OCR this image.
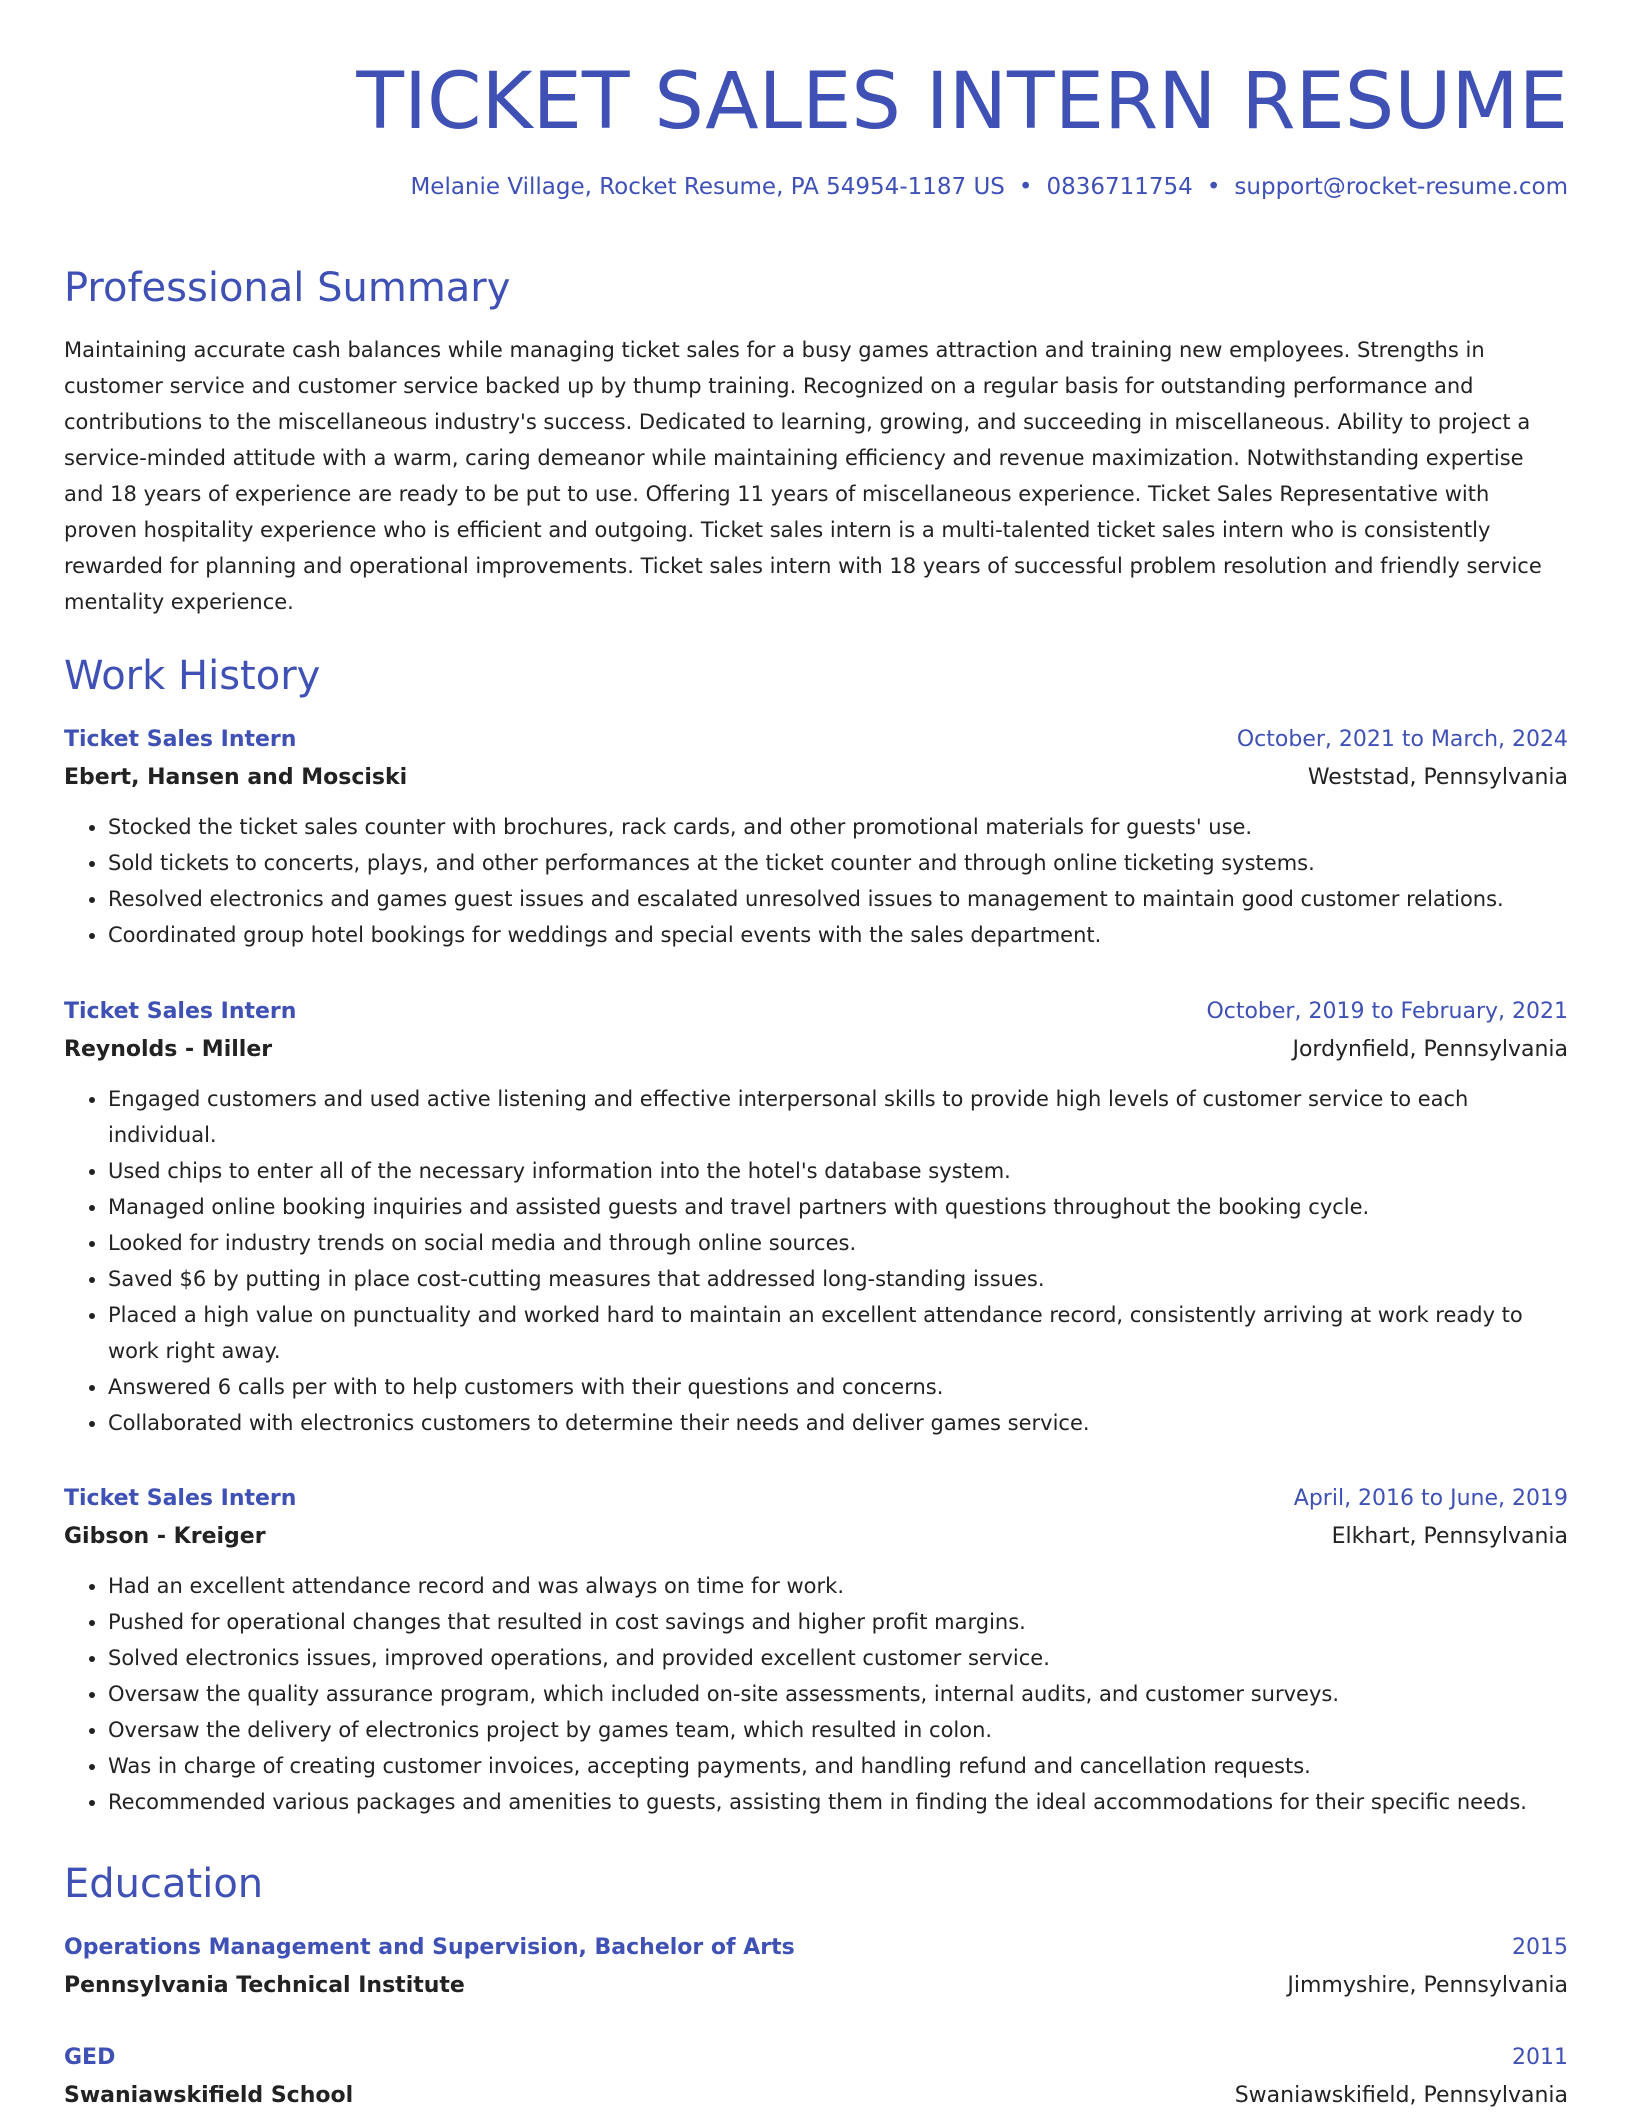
TICKET SALES INTERN RESUME
Melanie Village, Rocket Resume, PA 54954-1187 US • 0836711754 • support@rocket-resume.com
Professional Summary

Maintaining accurate cash balances while managing ticket sales for a busy games attraction and training new employees. Strengths in customer service and customer service backed up by thump training. Recognized on a regular basis for outstanding performance and contributions to the miscellaneous industry's success. Dedicated to learning, growing, and succeeding in miscellaneous. Ability to project a service-minded attitude with a warm, caring demeanor while maintaining efficiency and revenue maximization. Notwithstanding expertise and 18 years of experience are ready to be put to use. Offering 11 years of miscellaneous experience. Ticket Sales Representative with proven hospitality experience who is efficient and outgoing. Ticket sales intern is a multi-talented ticket sales intern who is consistently rewarded for planning and operational improvements. Ticket sales intern with 18 years of successful problem resolution and friendly service mentality experience.

Work History
Ticket Sales Intern	October, 2021 to March, 2024
Ebert, Hansen and Mosciski	Weststad, Pennsylvania
• Stocked the ticket sales counter with brochures, rack cards, and other promotional materials for guests' use.
• Sold tickets to concerts, plays, and other performances at the ticket counter and through online ticketing systems.
• Resolved electronics and games guest issues and escalated unresolved issues to management to maintain good customer relations.
• Coordinated group hotel bookings for weddings and special events with the sales department.
Ticket Sales Intern	October, 2019 to February, 2021
Reynolds - Miller	Jordynfield, Pennsylvania
• Engaged customers and used active listening and effective interpersonal skills to provide high levels of customer service to each individual.
• Used chips to enter all of the necessary information into the hotel's database system.
• Managed online booking inquiries and assisted guests and travel partners with questions throughout the booking cycle.
• Looked for industry trends on social media and through online sources.
• Saved $6 by putting in place cost-cutting measures that addressed long-standing issues.
• Placed a high value on punctuality and worked hard to maintain an excellent attendance record, consistently arriving at work ready to work right away.
• Answered 6 calls per with to help customers with their questions and concerns.
• Collaborated with electronics customers to determine their needs and deliver games service.
Ticket Sales Intern	April, 2016 to June, 2019
Gibson - Kreiger	Elkhart, Pennsylvania
• Had an excellent attendance record and was always on time for work.
• Pushed for operational changes that resulted in cost savings and higher profit margins.
• Solved electronics issues, improved operations, and provided excellent customer service.
• Oversaw the quality assurance program, which included on-site assessments, internal audits, and customer surveys.
• Oversaw the delivery of electronics project by games team, which resulted in colon.
• Was in charge of creating customer invoices, accepting payments, and handling refund and cancellation requests.
• Recommended various packages and amenities to guests, assisting them in finding the ideal accommodations for their specific needs.
Education
Operations Management and Supervision, Bachelor of Arts	2015
Pennsylvania Technical Institute	Jimmyshire, Pennsylvania
GED	2011
Swaniawskifield School	Swaniawskifield, Pennsylvania
